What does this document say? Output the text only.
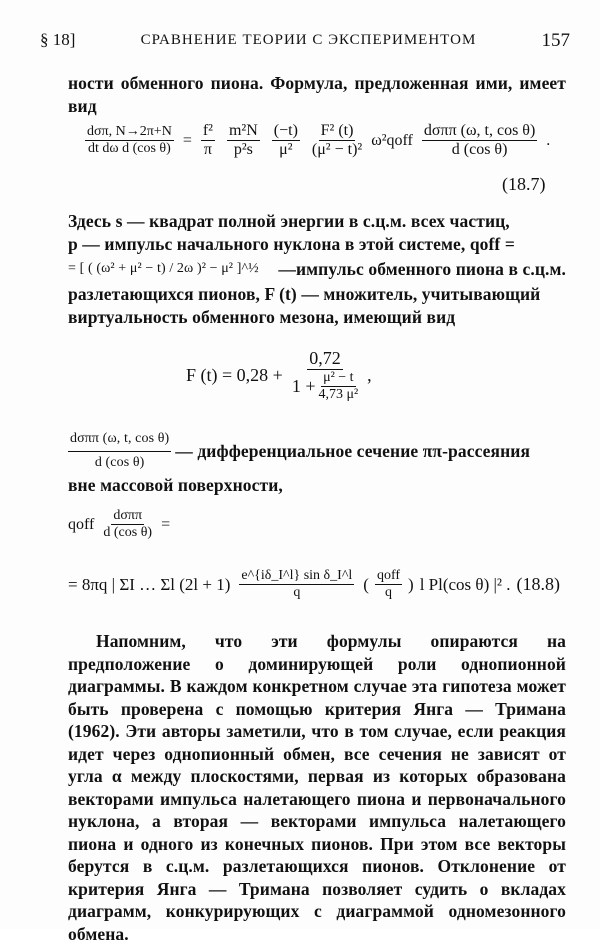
§ 18]	СРАВНЕНИЕ ТЕОРИИ С ЭКСПЕРИМЕНТОМ	157
ности обменного пиона. Формула, предложенная ими, имеет вид
$\frac{\text{dσπ, N→2π+N}}{\text{dt dω d (cos θ)}} = \frac{\text{f²}}{\pi} \frac{\text{m²N}}{\text{p²s}} \frac{(-t)}{\text{μ²}} \frac{\text{F² (t)}}{\text{(μ² − t)²}}$ ω²qoff $\frac{\text{dσππ (ω, t, cos θ)}}{\text{d (cos θ)}}$ .
(18.7)
Здесь s — квадрат полной энергии в с.ц.м. всех частиц,
p — импульс начального нуклона в этой системе, qoff =
= [ ( (ω² + μ² − t) / 2ω )² − μ² ]^½ —импульс обменного пиона в с.ц.м.
разлетающихся пионов, F (t) — множитель, учитывающий
виртуальность обменного мезона, имеющий вид
F $(t) = 0,28 + \frac{0,72}{1 + \frac{\text{μ² − t}}{\text{4,73 μ²}}}$ ,
$\frac{\text{dσππ (ω, t, cos θ)}}{\text{d (cos θ)}}$ — дифференциальное сечение ππ-рассеяния
вне массовой поверхности,
qoff $\frac{\text{dσππ}}{\text{d (cos θ)}}$ =
= 8πq | ΣI … Σl $(2l + 1) \frac{\text{e\textasciicircum{}\{iδ\_I\textasciicircum{}l\} sin δ\_I\textasciicircum{}l}}{q}$ ( $\frac{\text{qoff}}{q}$ ) l Pl(cos θ) |² . (18.8)
Напомним, что эти формулы опираются на предположение о доминирующей роли однопионной диаграммы. В каждом конкретном случае эта гипотеза может быть проверена с помощью критерия Янга — Тримана (1962). Эти авторы заметили, что в том случае, если реакция идет через однопионный обмен, все сечения не зависят от угла α между плоскостями, первая из которых образована векторами импульса налетающего пиона и первоначального нуклона, а вторая — векторами импульса налетающего пиона и одного из конечных пионов. При этом все векторы берутся в с.ц.м. разлетающихся пионов. Отклонение от критерия Янга — Тримана позволяет судить о вкладах диаграмм, конкурирующих с диаграммой одномезонного обмена.
